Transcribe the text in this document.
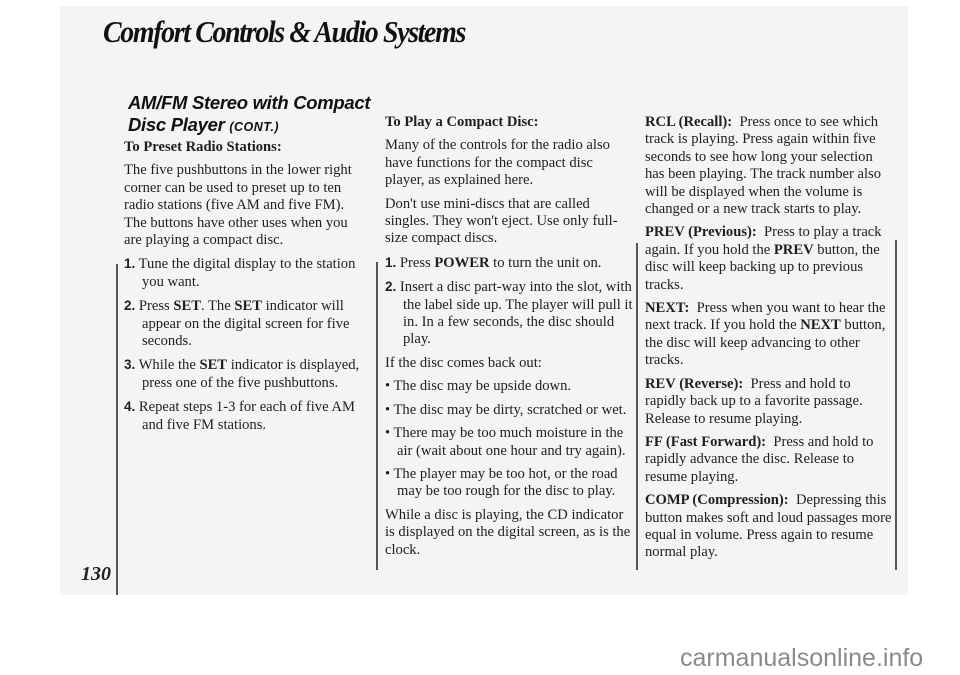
Comfort Controls & Audio Systems
AM/FM Stereo with Compact Disc Player (CONT.)
To Preset Radio Stations:

The five pushbuttons in the lower right corner can be used to preset up to ten radio stations (five AM and five FM). The buttons have other uses when you are playing a compact disc.

1. Tune the digital display to the station you want.

2. Press SET. The SET indicator will appear on the digital screen for five seconds.

3. While the SET indicator is displayed, press one of the five pushbuttons.

4. Repeat steps 1-3 for each of five AM and five FM stations.

To Play a Compact Disc:

Many of the controls for the radio also have functions for the compact disc player, as explained here.

Don't use mini-discs that are called singles. They won't eject. Use only full-size compact discs.

1. Press POWER to turn the unit on.

2. Insert a disc part-way into the slot, with the label side up. The player will pull it in. In a few seconds, the disc should play.

If the disc comes back out:

• The disc may be upside down.

• The disc may be dirty, scratched or wet.

• There may be too much moisture in the air (wait about one hour and try again).

• The player may be too hot, or the road may be too rough for the disc to play.

While a disc is playing, the CD indicator is displayed on the digital screen, as is the clock.

RCL (Recall): Press once to see which track is playing. Press again within five seconds to see how long your selection has been playing. The track number also will be displayed when the volume is changed or a new track starts to play.

PREV (Previous): Press to play a track again. If you hold the PREV button, the disc will keep backing up to previous tracks.

NEXT: Press when you want to hear the next track. If you hold the NEXT button, the disc will keep advancing to other tracks.

REV (Reverse): Press and hold to rapidly back up to a favorite passage. Release to resume playing.

FF (Fast Forward): Press and hold to rapidly advance the disc. Release to resume playing.

COMP (Compression): Depressing this button makes soft and loud passages more equal in volume. Press again to resume normal play.

130
carmanualsonline.info
